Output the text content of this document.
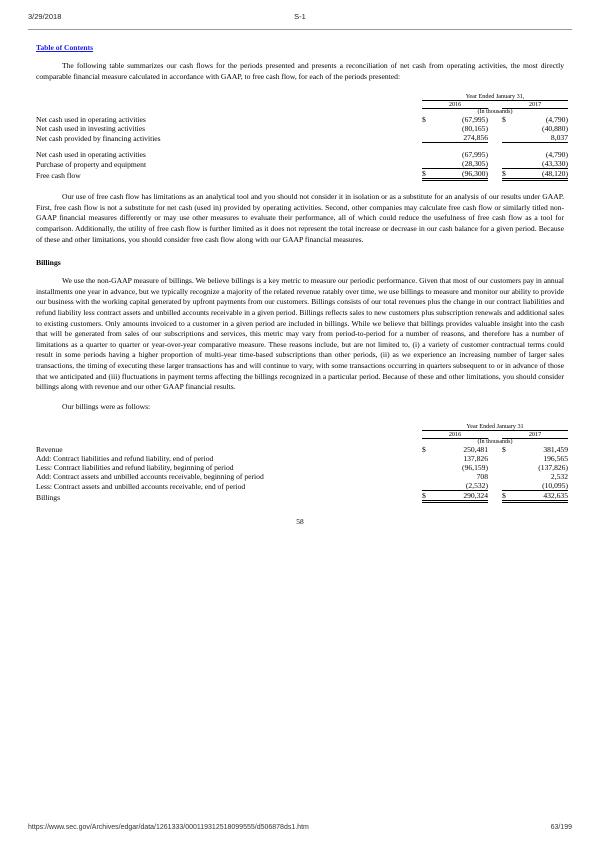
3/29/2018	S-1
Table of Contents

The following table summarizes our cash flows for the periods presented and presents a reconciliation of net cash from operating activities, the most directly comparable financial measure calculated in accordance with GAAP, to free cash flow, for each of the periods presented:

		Year Ended January 31,				
		2016			2017	
		(In thousands)				
Net cash used in operating activities		$	(67,995)		$	(4,790)
Net cash used in investing activities			(80,165)			(40,880)
Net cash provided by financing activities			274,856			8,037

Net cash used in operating activities			(67,995)			(4,790)
Purchase of property and equipment			(28,305)			(43,330)
Free cash flow		$	(96,300)		$	(48,120)

Our use of free cash flow has limitations as an analytical tool and you should not consider it in isolation or as a substitute for an analysis of our results under GAAP. First, free cash flow is not a substitute for net cash (used in) provided by operating activities. Second, other companies may calculate free cash flow or similarly titled non-GAAP financial measures differently or may use other measures to evaluate their performance, all of which could reduce the usefulness of free cash flow as a tool for comparison. Additionally, the utility of free cash flow is further limited as it does not represent the total increase or decrease in our cash balance for a given period. Because of these and other limitations, you should consider free cash flow along with our GAAP financial measures.

Billings

We use the non-GAAP measure of billings. We believe billings is a key metric to measure our periodic performance. Given that most of our customers pay in annual installments one year in advance, but we typically recognize a majority of the related revenue ratably over time, we use billings to measure and monitor our ability to provide our business with the working capital generated by upfront payments from our customers. Billings consists of our total revenues plus the change in our contract liabilities and refund liability less contract assets and unbilled accounts receivable in a given period. Billings reflects sales to new customers plus subscription renewals and additional sales to existing customers. Only amounts invoiced to a customer in a given period are included in billings. While we believe that billings provides valuable insight into the cash that will be generated from sales of our subscriptions and services, this metric may vary from period-to-period for a number of reasons, and therefore has a number of limitations as a quarter to quarter or year-over-year comparative measure. These reasons include, but are not limited to, (i) a variety of customer contractual terms could result in some periods having a higher proportion of multi-year time-based subscriptions than other periods, (ii) as we experience an increasing number of larger sales transactions, the timing of executing these larger transactions has and will continue to vary, with some transactions occurring in quarters subsequent to or in advance of those that we anticipated and (iii) fluctuations in payment terms affecting the billings recognized in a particular period. Because of these and other limitations, you should consider billings along with revenue and our other GAAP financial results.

Our billings were as follows:

		Year Ended January 31				
		2016			2017	
		(In thousands)				
Revenue		$	250,481		$	381,459
Add: Contract liabilities and refund liability, end of period			137,826			196,565
Less: Contract liabilities and refund liability, beginning of period			(96,159)			(137,826)
Add: Contract assets and unbilled accounts receivable, beginning of period			708			2,532
Less: Contract assets and unbilled accounts receivable, end of period			(2,532)			(10,095)
Billings		$	290,324		$	432,635
58
https://www.sec.gov/Archives/edgar/data/1261333/000119312518099555/d506878ds1.htm	63/199
